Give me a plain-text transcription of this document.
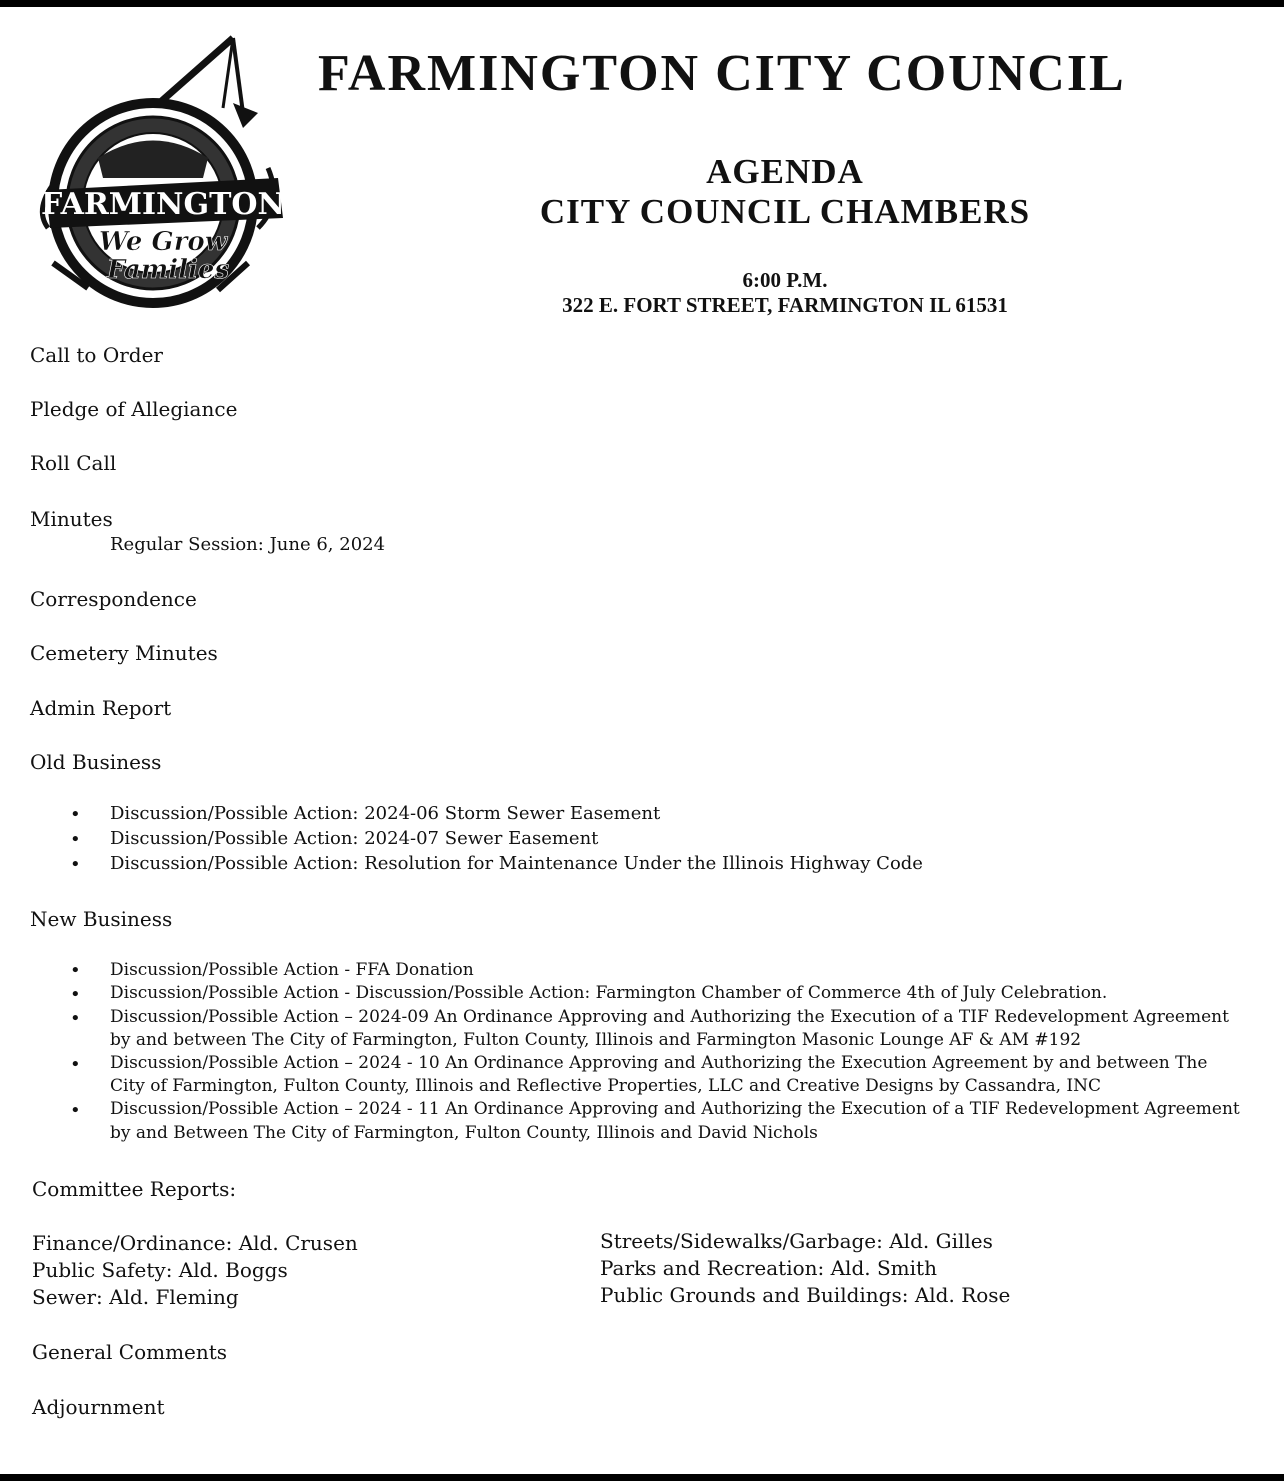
FARMINGTON
We Grow
Families
FARMINGTON CITY COUNCIL
AGENDA
CITY COUNCIL CHAMBERS
6:00 P.M.
322 E. FORT STREET, FARMINGTON IL 61531
Call to Order
Pledge of Allegiance
Roll Call
Minutes
Regular Session: June 6, 2024
Correspondence
Cemetery Minutes
Admin Report
Old Business
• Discussion/Possible Action: 2024-06 Storm Sewer Easement
• Discussion/Possible Action: 2024-07 Sewer Easement
• Discussion/Possible Action: Resolution for Maintenance Under the Illinois Highway Code
New Business
• Discussion/Possible Action - FFA Donation
• Discussion/Possible Action - Discussion/Possible Action: Farmington Chamber of Commerce 4th of July Celebration.
• Discussion/Possible Action – 2024-09 An Ordinance Approving and Authorizing the Execution of a TIF Redevelopment Agreement
by and between The City of Farmington, Fulton County, Illinois and Farmington Masonic Lounge AF & AM #192
• Discussion/Possible Action – 2024 - 10 An Ordinance Approving and Authorizing the Execution Agreement by and between The
City of Farmington, Fulton County, Illinois and Reflective Properties, LLC and Creative Designs by Cassandra, INC
• Discussion/Possible Action – 2024 - 11 An Ordinance Approving and Authorizing the Execution of a TIF Redevelopment Agreement
by and Between The City of Farmington, Fulton County, Illinois and David Nichols
Committee Reports:
Finance/Ordinance: Ald. Crusen
Public Safety: Ald. Boggs
Sewer: Ald. Fleming
Streets/Sidewalks/Garbage: Ald. Gilles
Parks and Recreation: Ald. Smith
Public Grounds and Buildings: Ald. Rose
General Comments
Adjournment
